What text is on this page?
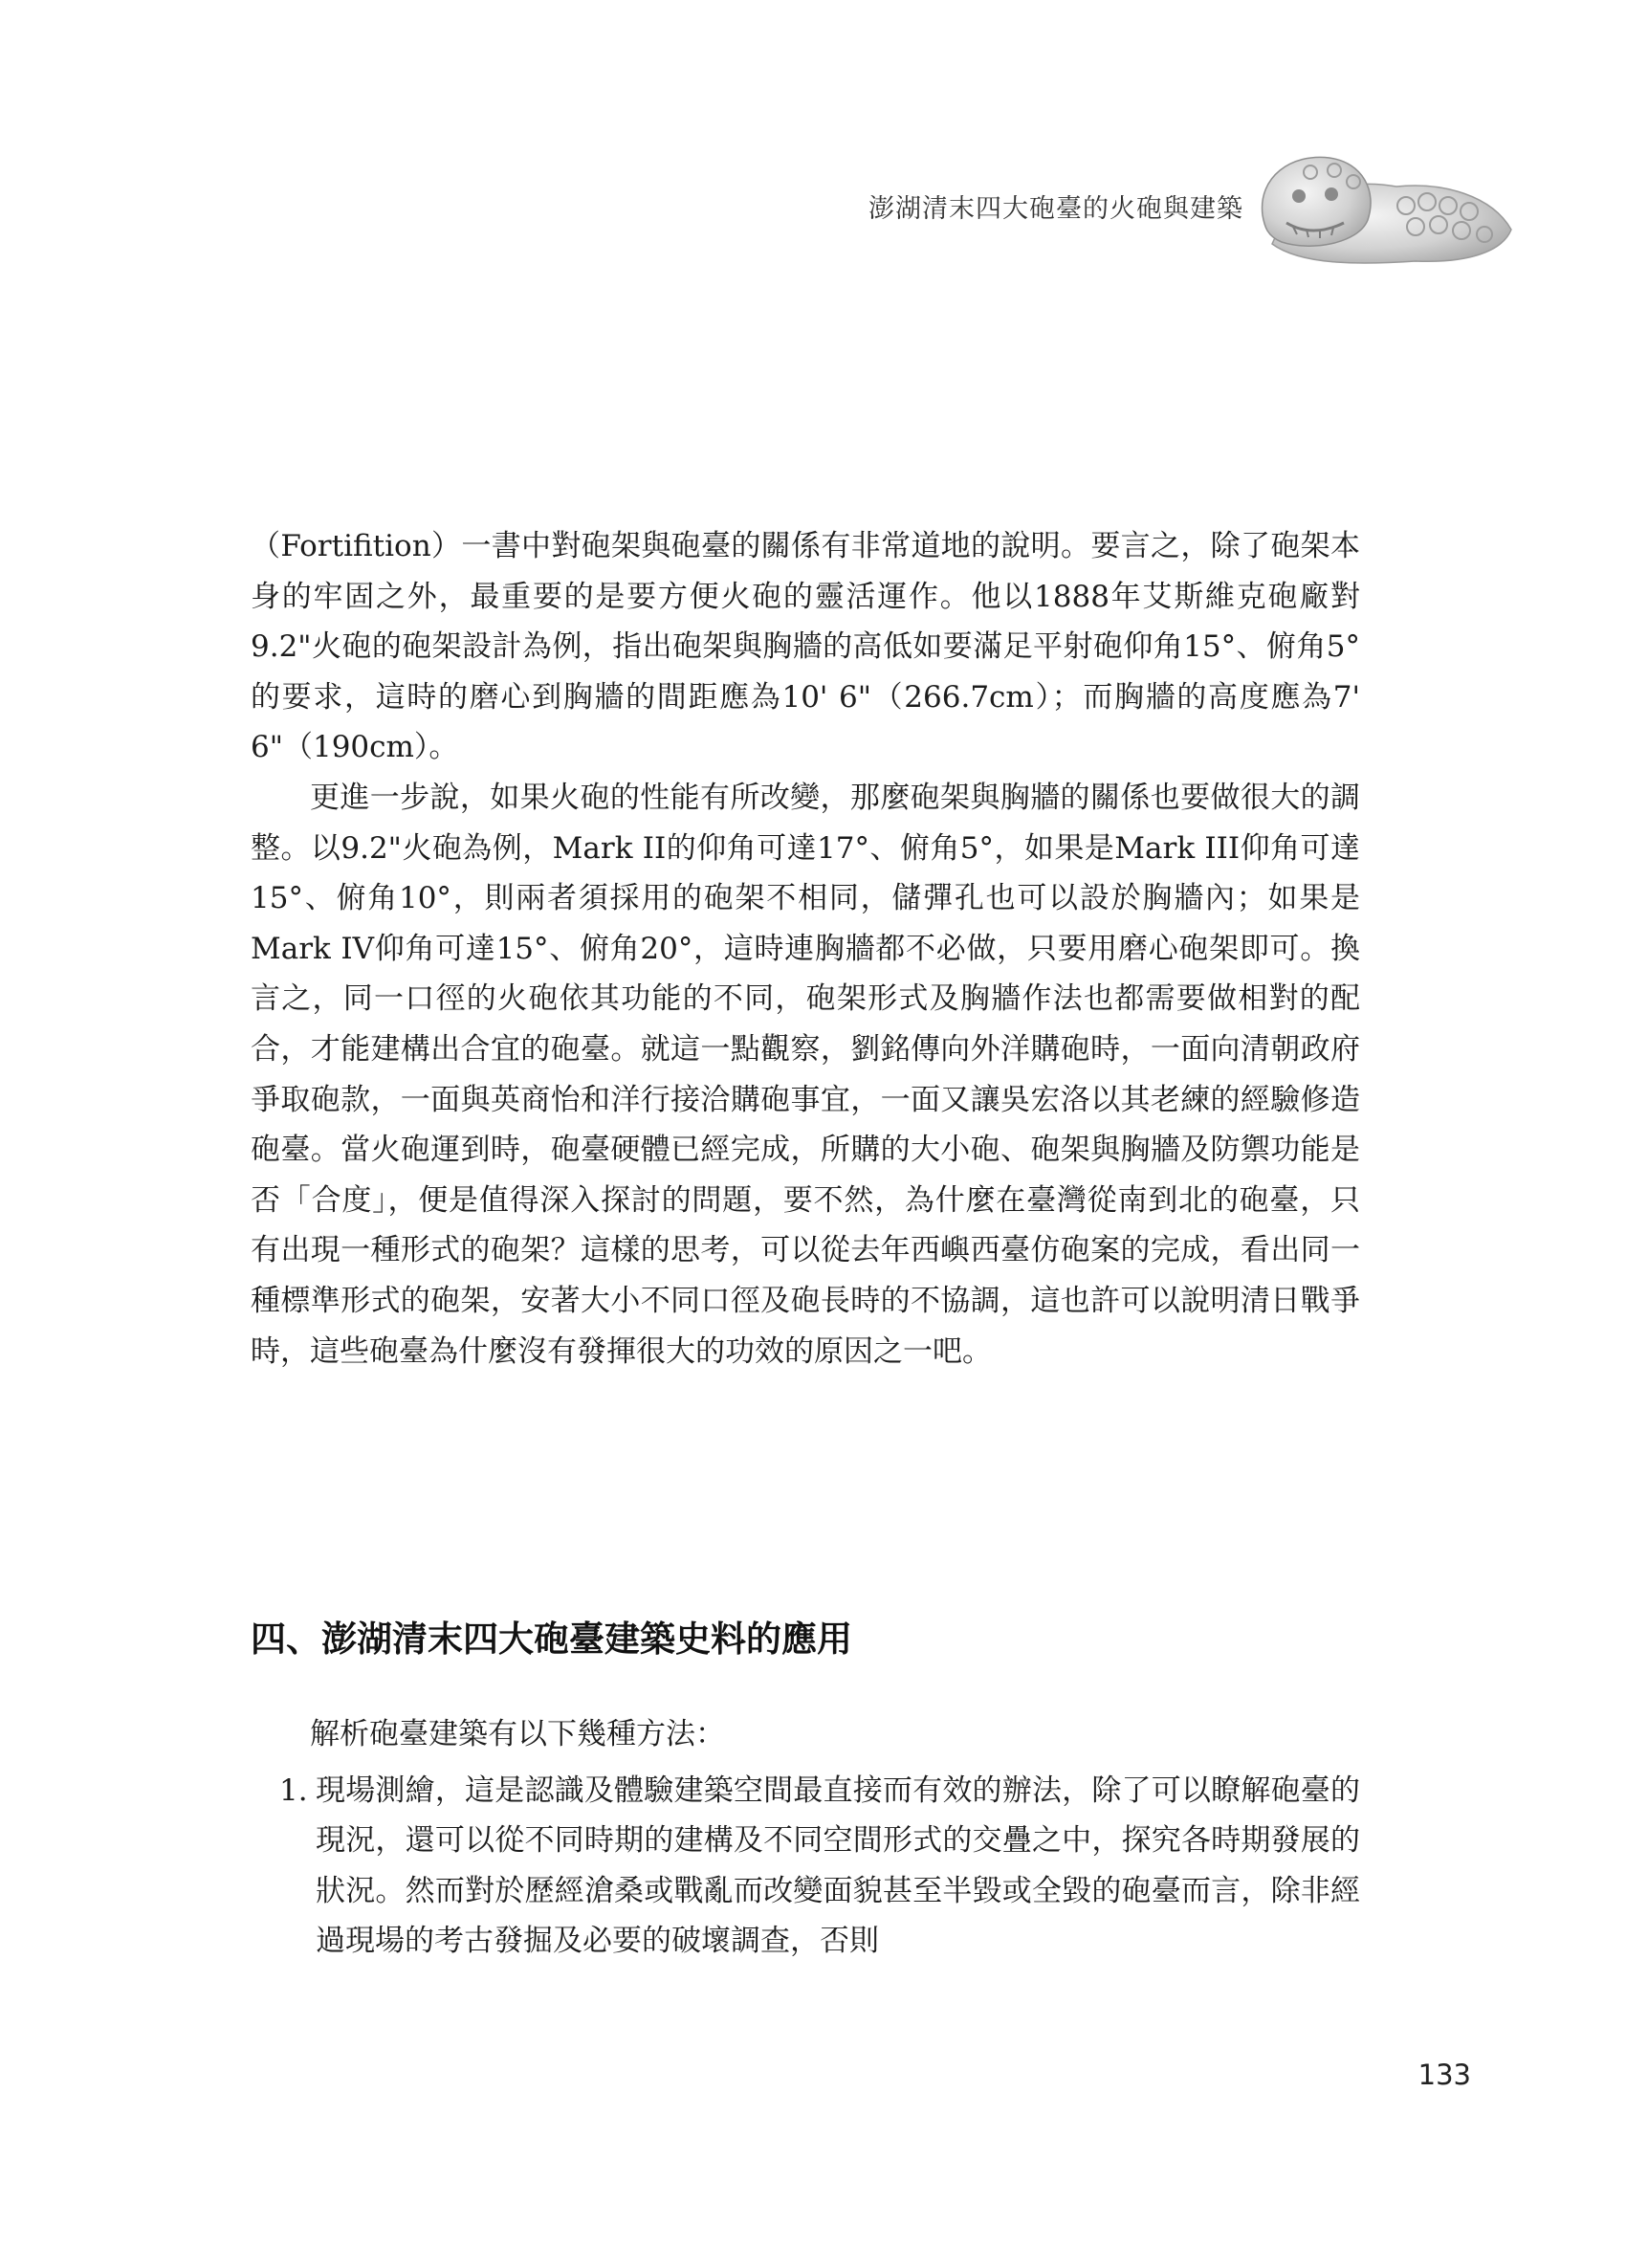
澎湖清末四大砲臺的火砲與建築

（Fortifition）一書中對砲架與砲臺的關係有非常道地的說明。要言之，除了砲架本身的牢固之外，最重要的是要方便火砲的靈活運作。他以1888年艾斯維克砲廠對9.2"火砲的砲架設計為例，指出砲架與胸牆的高低如要滿足平射砲仰角15°、俯角5°的要求，這時的磨心到胸牆的間距應為10' 6"（266.7cm）；而胸牆的高度應為7' 6"（190cm）。

更進一步說，如果火砲的性能有所改變，那麼砲架與胸牆的關係也要做很大的調整。以9.2"火砲為例，Mark II的仰角可達17°、俯角5°，如果是Mark III仰角可達15°、俯角10°，則兩者須採用的砲架不相同，儲彈孔也可以設於胸牆內；如果是Mark IV仰角可達15°、俯角20°，這時連胸牆都不必做，只要用磨心砲架即可。換言之，同一口徑的火砲依其功能的不同，砲架形式及胸牆作法也都需要做相對的配合，才能建構出合宜的砲臺。就這一點觀察，劉銘傳向外洋購砲時，一面向清朝政府爭取砲款，一面與英商怡和洋行接洽購砲事宜，一面又讓吳宏洛以其老練的經驗修造砲臺。當火砲運到時，砲臺硬體已經完成，所購的大小砲、砲架與胸牆及防禦功能是否「合度」，便是值得深入探討的問題，要不然，為什麼在臺灣從南到北的砲臺，只有出現一種形式的砲架？這樣的思考，可以從去年西嶼西臺仿砲案的完成，看出同一種標準形式的砲架，安著大小不同口徑及砲長時的不協調，這也許可以說明清日戰爭時，這些砲臺為什麼沒有發揮很大的功效的原因之一吧。

四、澎湖清末四大砲臺建築史料的應用

解析砲臺建築有以下幾種方法：

1. 現場測繪，這是認識及體驗建築空間最直接而有效的辦法，除了可以瞭解砲臺的現況，還可以從不同時期的建構及不同空間形式的交疊之中，探究各時期發展的狀況。然而對於歷經滄桑或戰亂而改變面貌甚至半毀或全毀的砲臺而言，除非經過現場的考古發掘及必要的破壞調查，否則
133
